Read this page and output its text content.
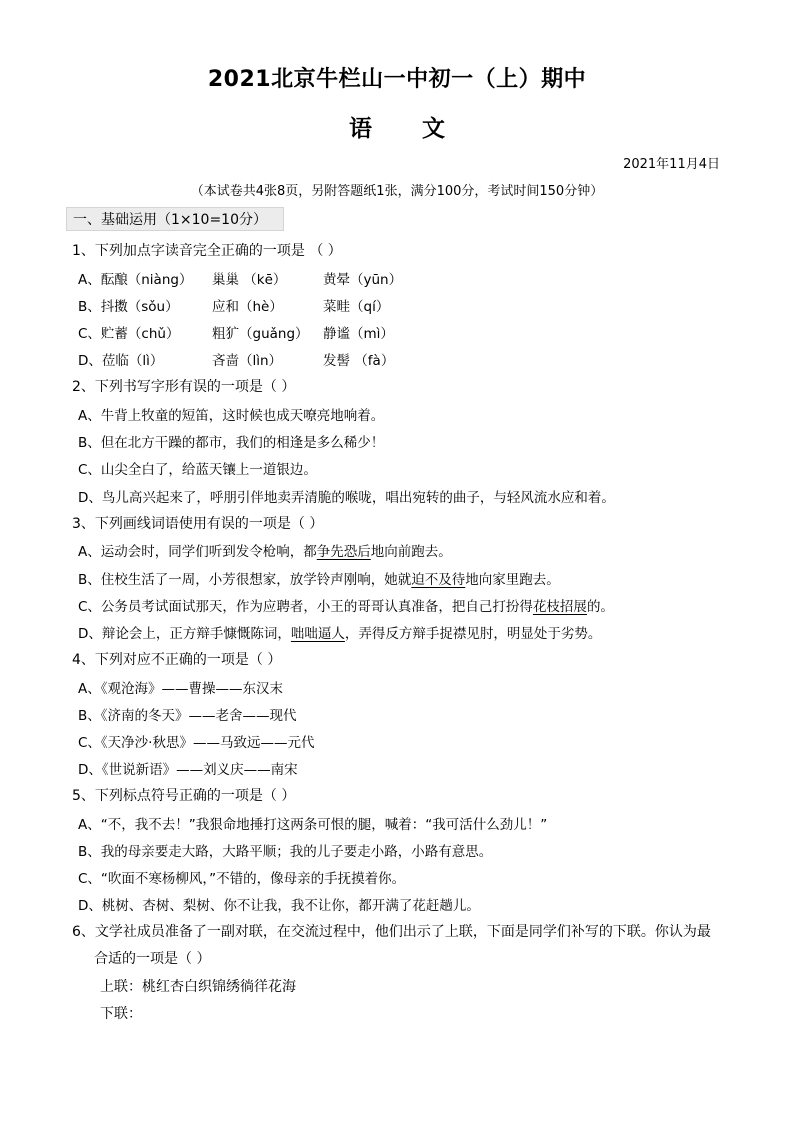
2021北京牛栏山一中初一（上）期中
语文
2021年11月4日
（本试卷共4张8页，另附答题纸1张，满分100分，考试时间150分钟）
一、基础运用（1×10=10分）
1、下列加点字读音完全正确的一项是 （ ）
A、酝酿（niàng） 巢巢 （kē）	黄晕（yūn）
B、抖擞（sǒu） 应和（hè）	菜畦（qí）
C、贮蓄（chǔ） 粗犷（guǎng） 静谧（mì）
D、莅临（lì）	吝啬（lìn）	发髻 （fà）
2、下列书写字形有误的一项是（ ）
A、牛背上牧童的短笛，这时候也成天嘹亮地响着。
B、但在北方干躁的都市，我们的相逢是多么稀少！
C、山尖全白了，给蓝天镶上一道银边。
D、鸟儿高兴起来了，呼朋引伴地卖弄清脆的喉咙，唱出宛转的曲子，与轻风流水应和着。
3、下列画线词语使用有误的一项是（ ）
A、运动会时，同学们听到发令枪响，都争先恐后地向前跑去。
B、住校生活了一周，小芳很想家，放学铃声刚响，她就迫不及待地向家里跑去。
C、公务员考试面试那天，作为应聘者，小王的哥哥认真准备，把自己打扮得花枝招展的。
D、辩论会上，正方辩手慷慨陈词，咄咄逼人，弄得反方辩手捉襟见肘，明显处于劣势。
4、下列对应不正确的一项是（ ）
A、《观沧海》——曹操——东汉末
B、《济南的冬天》——老舍——现代
C、《天净沙·秋思》——马致远——元代
D、《世说新语》——刘义庆——南宋
5、下列标点符号正确的一项是（ ）
A、“不，我不去！”我狠命地捶打这两条可恨的腿，喊着：“我可活什么劲儿！”
B、我的母亲要走大路，大路平顺；我的儿子要走小路，小路有意思。
C、“吹面不寒杨柳风，”不错的，像母亲的手抚摸着你。
D、桃树、杏树、梨树、你不让我，我不让你，都开满了花赶趟儿。
6、文学社成员准备了一副对联，在交流过程中，他们出示了上联，下面是同学们补写的下联。你认为最
合适的一项是（ ）
上联：桃红杏白织锦绣徜徉花海
下联：
